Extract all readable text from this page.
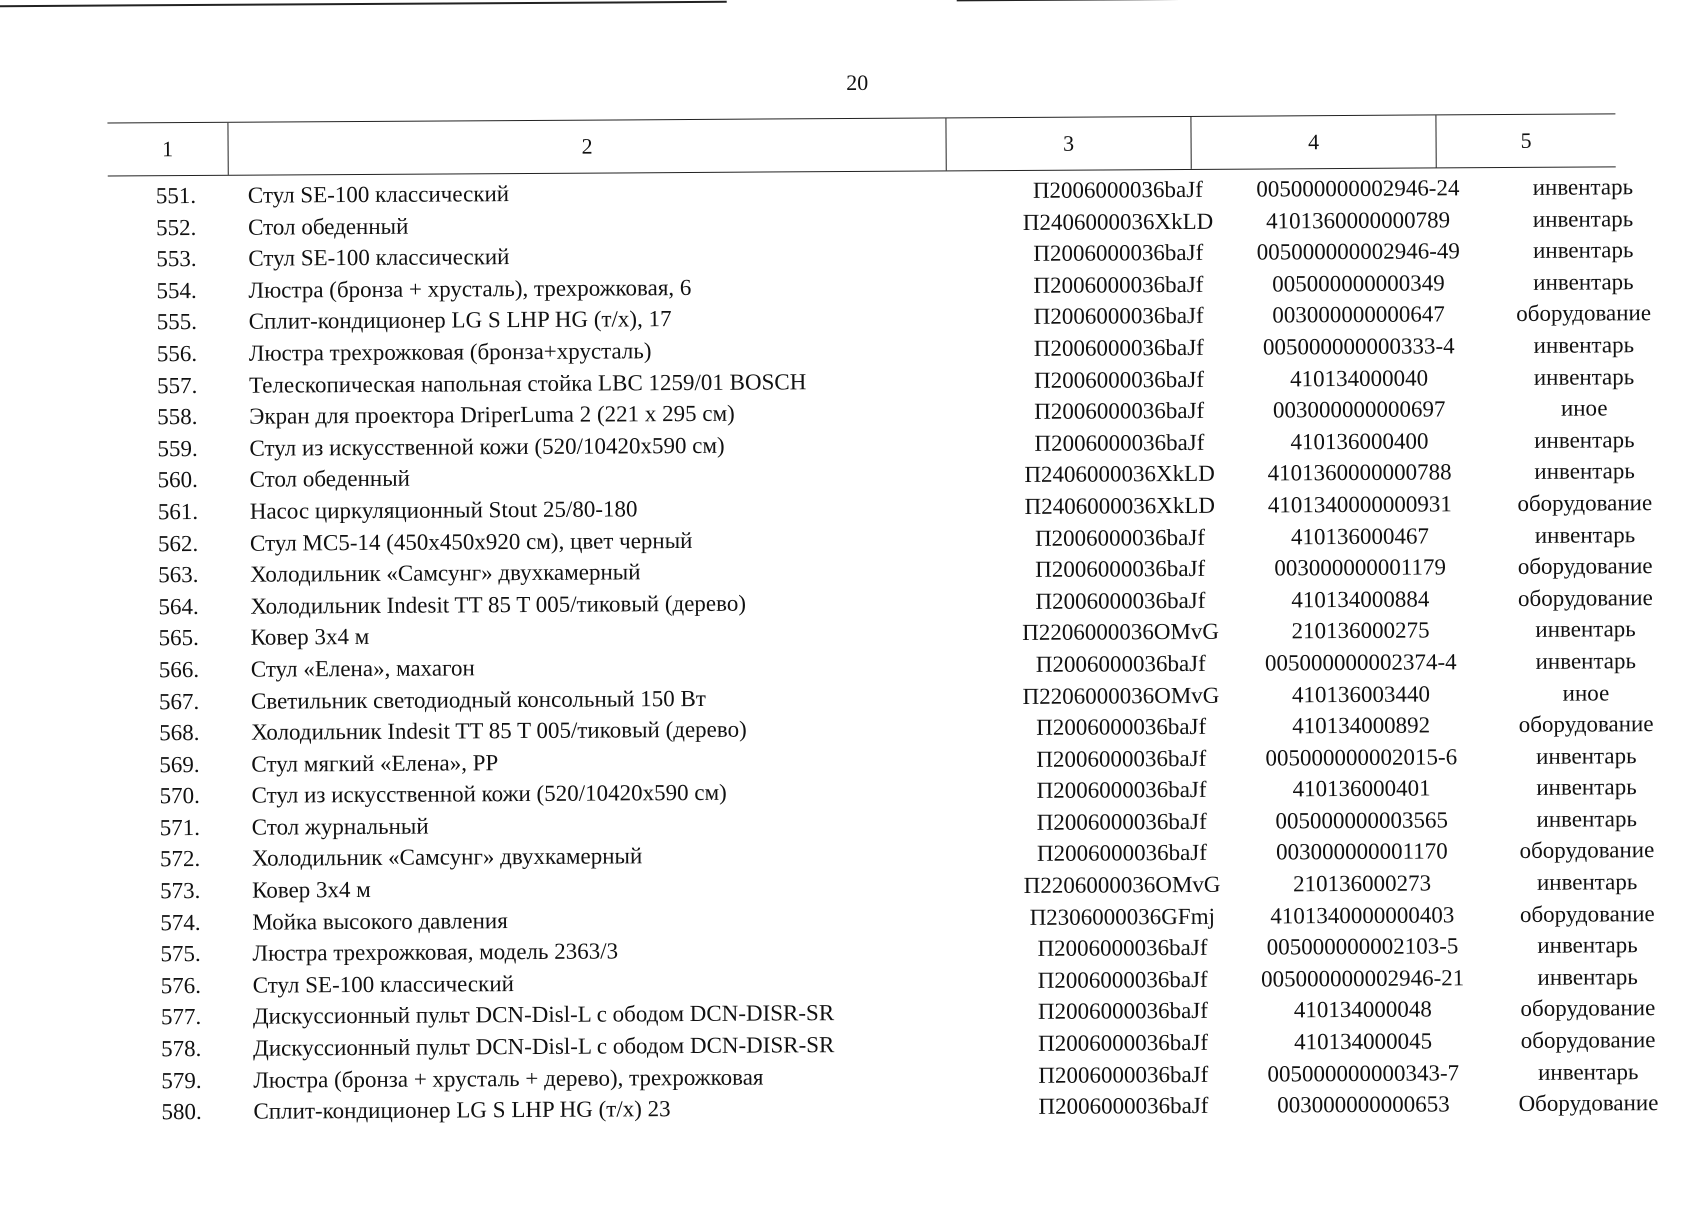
20
1	2	3	4	5
551.	Стул SE-100 классический	П2006000036baJf	005000000002946-24	инвентарь
552.	Стол обеденный	П2406000036XkLD	4101360000000789	инвентарь
553.	Стул SE-100 классический	П2006000036baJf	005000000002946-49	инвентарь
554.	Люстра (бронза + хрусталь), трехрожковая, 6	П2006000036baJf	005000000000349	инвентарь
555.	Сплит-кондиционер LG S LHP HG (т/х), 17	П2006000036baJf	003000000000647	оборудование
556.	Люстра трехрожковая (бронза+хрусталь)	П2006000036baJf	005000000000333-4	инвентарь
557.	Телескопическая напольная стойка LBC 1259/01 BOSCH	П2006000036baJf	410134000040	инвентарь
558.	Экран для проектора DriperLuma 2 (221 x 295 см)	П2006000036baJf	003000000000697	иное
559.	Стул из искусственной кожи (520/10420x590 см)	П2006000036baJf	410136000400	инвентарь
560.	Стол обеденный	П2406000036XkLD	4101360000000788	инвентарь
561.	Насос циркуляционный Stout 25/80-180	П2406000036XkLD	4101340000000931	оборудование
562.	Стул MC5-14 (450x450x920 см), цвет черный	П2006000036baJf	410136000467	инвентарь
563.	Холодильник «Самсунг» двухкамерный	П2006000036baJf	003000000001179	оборудование
564.	Холодильник Indesit TT 85 T 005/тиковый (дерево)	П2006000036baJf	410134000884	оборудование
565.	Ковер 3x4 м	П2206000036OMvG	210136000275	инвентарь
566.	Стул «Елена», махагон	П2006000036baJf	005000000002374-4	инвентарь
567.	Светильник светодиодный консольный 150 Вт	П2206000036OMvG	410136003440	иное
568.	Холодильник Indesit TT 85 T 005/тиковый (дерево)	П2006000036baJf	410134000892	оборудование
569.	Стул мягкий «Елена», PP	П2006000036baJf	005000000002015-6	инвентарь
570.	Стул из искусственной кожи (520/10420x590 см)	П2006000036baJf	410136000401	инвентарь
571.	Стол журнальный	П2006000036baJf	005000000003565	инвентарь
572.	Холодильник «Самсунг» двухкамерный	П2006000036baJf	003000000001170	оборудование
573.	Ковер 3x4 м	П2206000036OMvG	210136000273	инвентарь
574.	Мойка высокого давления	П2306000036GFmj	4101340000000403	оборудование
575.	Люстра трехрожковая, модель 2363/3	П2006000036baJf	005000000002103-5	инвентарь
576.	Стул SE-100 классический	П2006000036baJf	005000000002946-21	инвентарь
577.	Дискуссионный пульт DCN-Disl-L с ободом DCN-DISR-SR	П2006000036baJf	410134000048	оборудование
578.	Дискуссионный пульт DCN-Disl-L с ободом DCN-DISR-SR	П2006000036baJf	410134000045	оборудование
579.	Люстра (бронза + хрусталь + дерево), трехрожковая	П2006000036baJf	005000000000343-7	инвентарь
580.	Сплит-кондиционер LG S LHP HG (т/х) 23	П2006000036baJf	003000000000653	Оборудование
